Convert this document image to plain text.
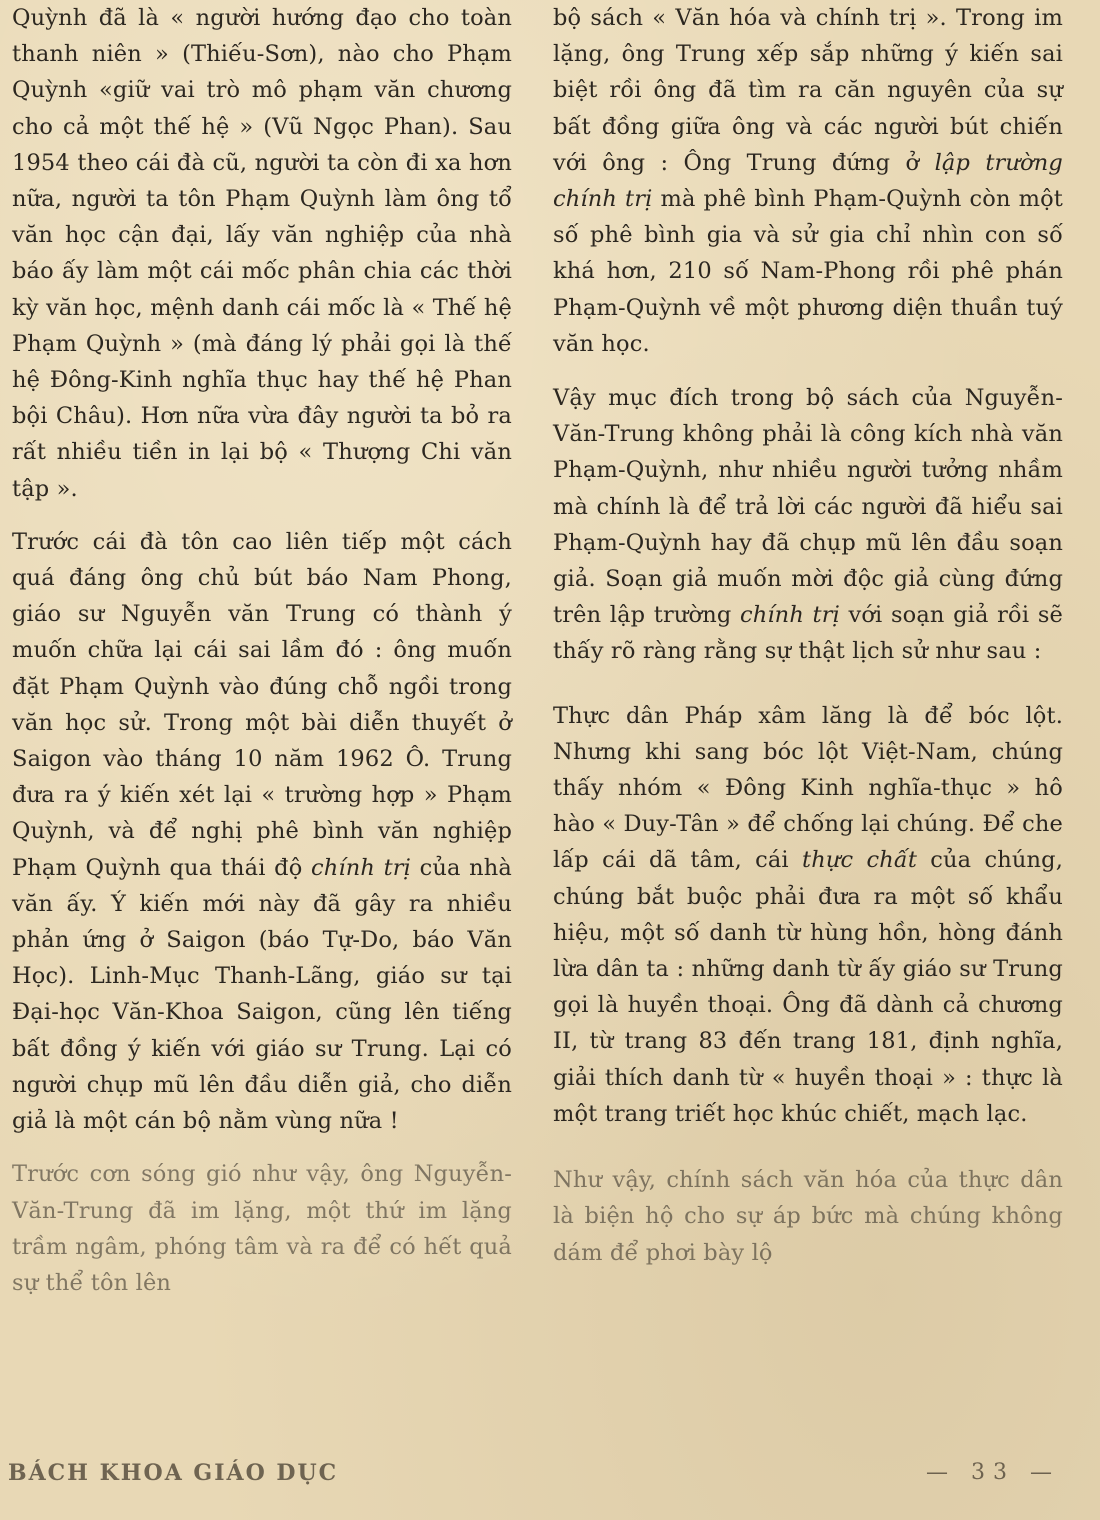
Quỳnh đã là « người hướng đạo cho toàn thanh niên » (Thiếu-Sơn), nào cho Phạm Quỳnh «giữ vai trò mô phạm văn chương cho cả một thế hệ » (Vũ Ngọc Phan). Sau 1954 theo cái đà cũ, người ta còn đi xa hơn nữa, người ta tôn Phạm Quỳnh làm ông tổ văn học cận đại, lấy văn nghiệp của nhà báo ấy làm một cái mốc phân chia các thời kỳ văn học, mệnh danh cái mốc là « Thế hệ Phạm Quỳnh » (mà đáng lý phải gọi là thế hệ Đông-Kinh nghĩa thục hay thế hệ Phan bội Châu). Hơn nữa vừa đây người ta bỏ ra rất nhiều tiền in lại bộ « Thượng Chi văn tập ».

Trước cái đà tôn cao liên tiếp một cách quá đáng ông chủ bút báo Nam Phong, giáo sư Nguyễn văn Trung có thành ý muốn chữa lại cái sai lầm đó : ông muốn đặt Phạm Quỳnh vào đúng chỗ ngồi trong văn học sử. Trong một bài diễn thuyết ở Saigon vào tháng 10 năm 1962 Ô. Trung đưa ra ý kiến xét lại « trường hợp » Phạm Quỳnh, và để nghị phê bình văn nghiệp Phạm Quỳnh qua thái độ chính trị của nhà văn ấy. Ý kiến mới này đã gây ra nhiều phản ứng ở Saigon (báo Tự-Do, báo Văn Học). Linh-Mục Thanh-Lãng, giáo sư tại Đại-học Văn-Khoa Saigon, cũng lên tiếng bất đồng ý kiến với giáo sư Trung. Lại có người chụp mũ lên đầu diễn giả, cho diễn giả là một cán bộ nằm vùng nữa !

Trước cơn sóng gió như vậy, ông Nguyễn-Văn-Trung đã im lặng, một thứ im lặng trầm ngâm, phóng tâm và ra để có hết quả sự thể tôn lên

bộ sách « Văn hóa và chính trị ». Trong im lặng, ông Trung xếp sắp những ý kiến sai biệt rồi ông đã tìm ra căn nguyên của sự bất đồng giữa ông và các người bút chiến với ông : Ông Trung đứng ở lập trường chính trị mà phê bình Phạm-Quỳnh còn một số phê bình gia và sử gia chỉ nhìn con số khá hơn, 210 số Nam-Phong rồi phê phán Phạm-Quỳnh về một phương diện thuần tuý văn học.

Vậy mục đích trong bộ sách của Nguyễn-Văn-Trung không phải là công kích nhà văn Phạm-Quỳnh, như nhiều người tưởng nhầm mà chính là để trả lời các người đã hiểu sai Phạm-Quỳnh hay đã chụp mũ lên đầu soạn giả. Soạn giả muốn mời độc giả cùng đứng trên lập trường chính trị với soạn giả rồi sẽ thấy rõ ràng rằng sự thật lịch sử như sau :

Thực dân Pháp xâm lăng là để bóc lột. Nhưng khi sang bóc lột Việt-Nam, chúng thấy nhóm « Đông Kinh nghĩa-thục » hô hào « Duy-Tân » để chống lại chúng. Để che lấp cái dã tâm, cái thực chất của chúng, chúng bắt buộc phải đưa ra một số khẩu hiệu, một số danh từ hùng hồn, hòng đánh lừa dân ta : những danh từ ấy giáo sư Trung gọi là huyền thoại. Ông đã dành cả chương II, từ trang 83 đến trang 181, định nghĩa, giải thích danh từ « huyền thoại » : thực là một trang triết học khúc chiết, mạch lạc.

Như vậy, chính sách văn hóa của thực dân là biện hộ cho sự áp bức mà chúng không dám để phơi bày lộ

BÁCH KHOA GIÁO DỤC	— 33 —
